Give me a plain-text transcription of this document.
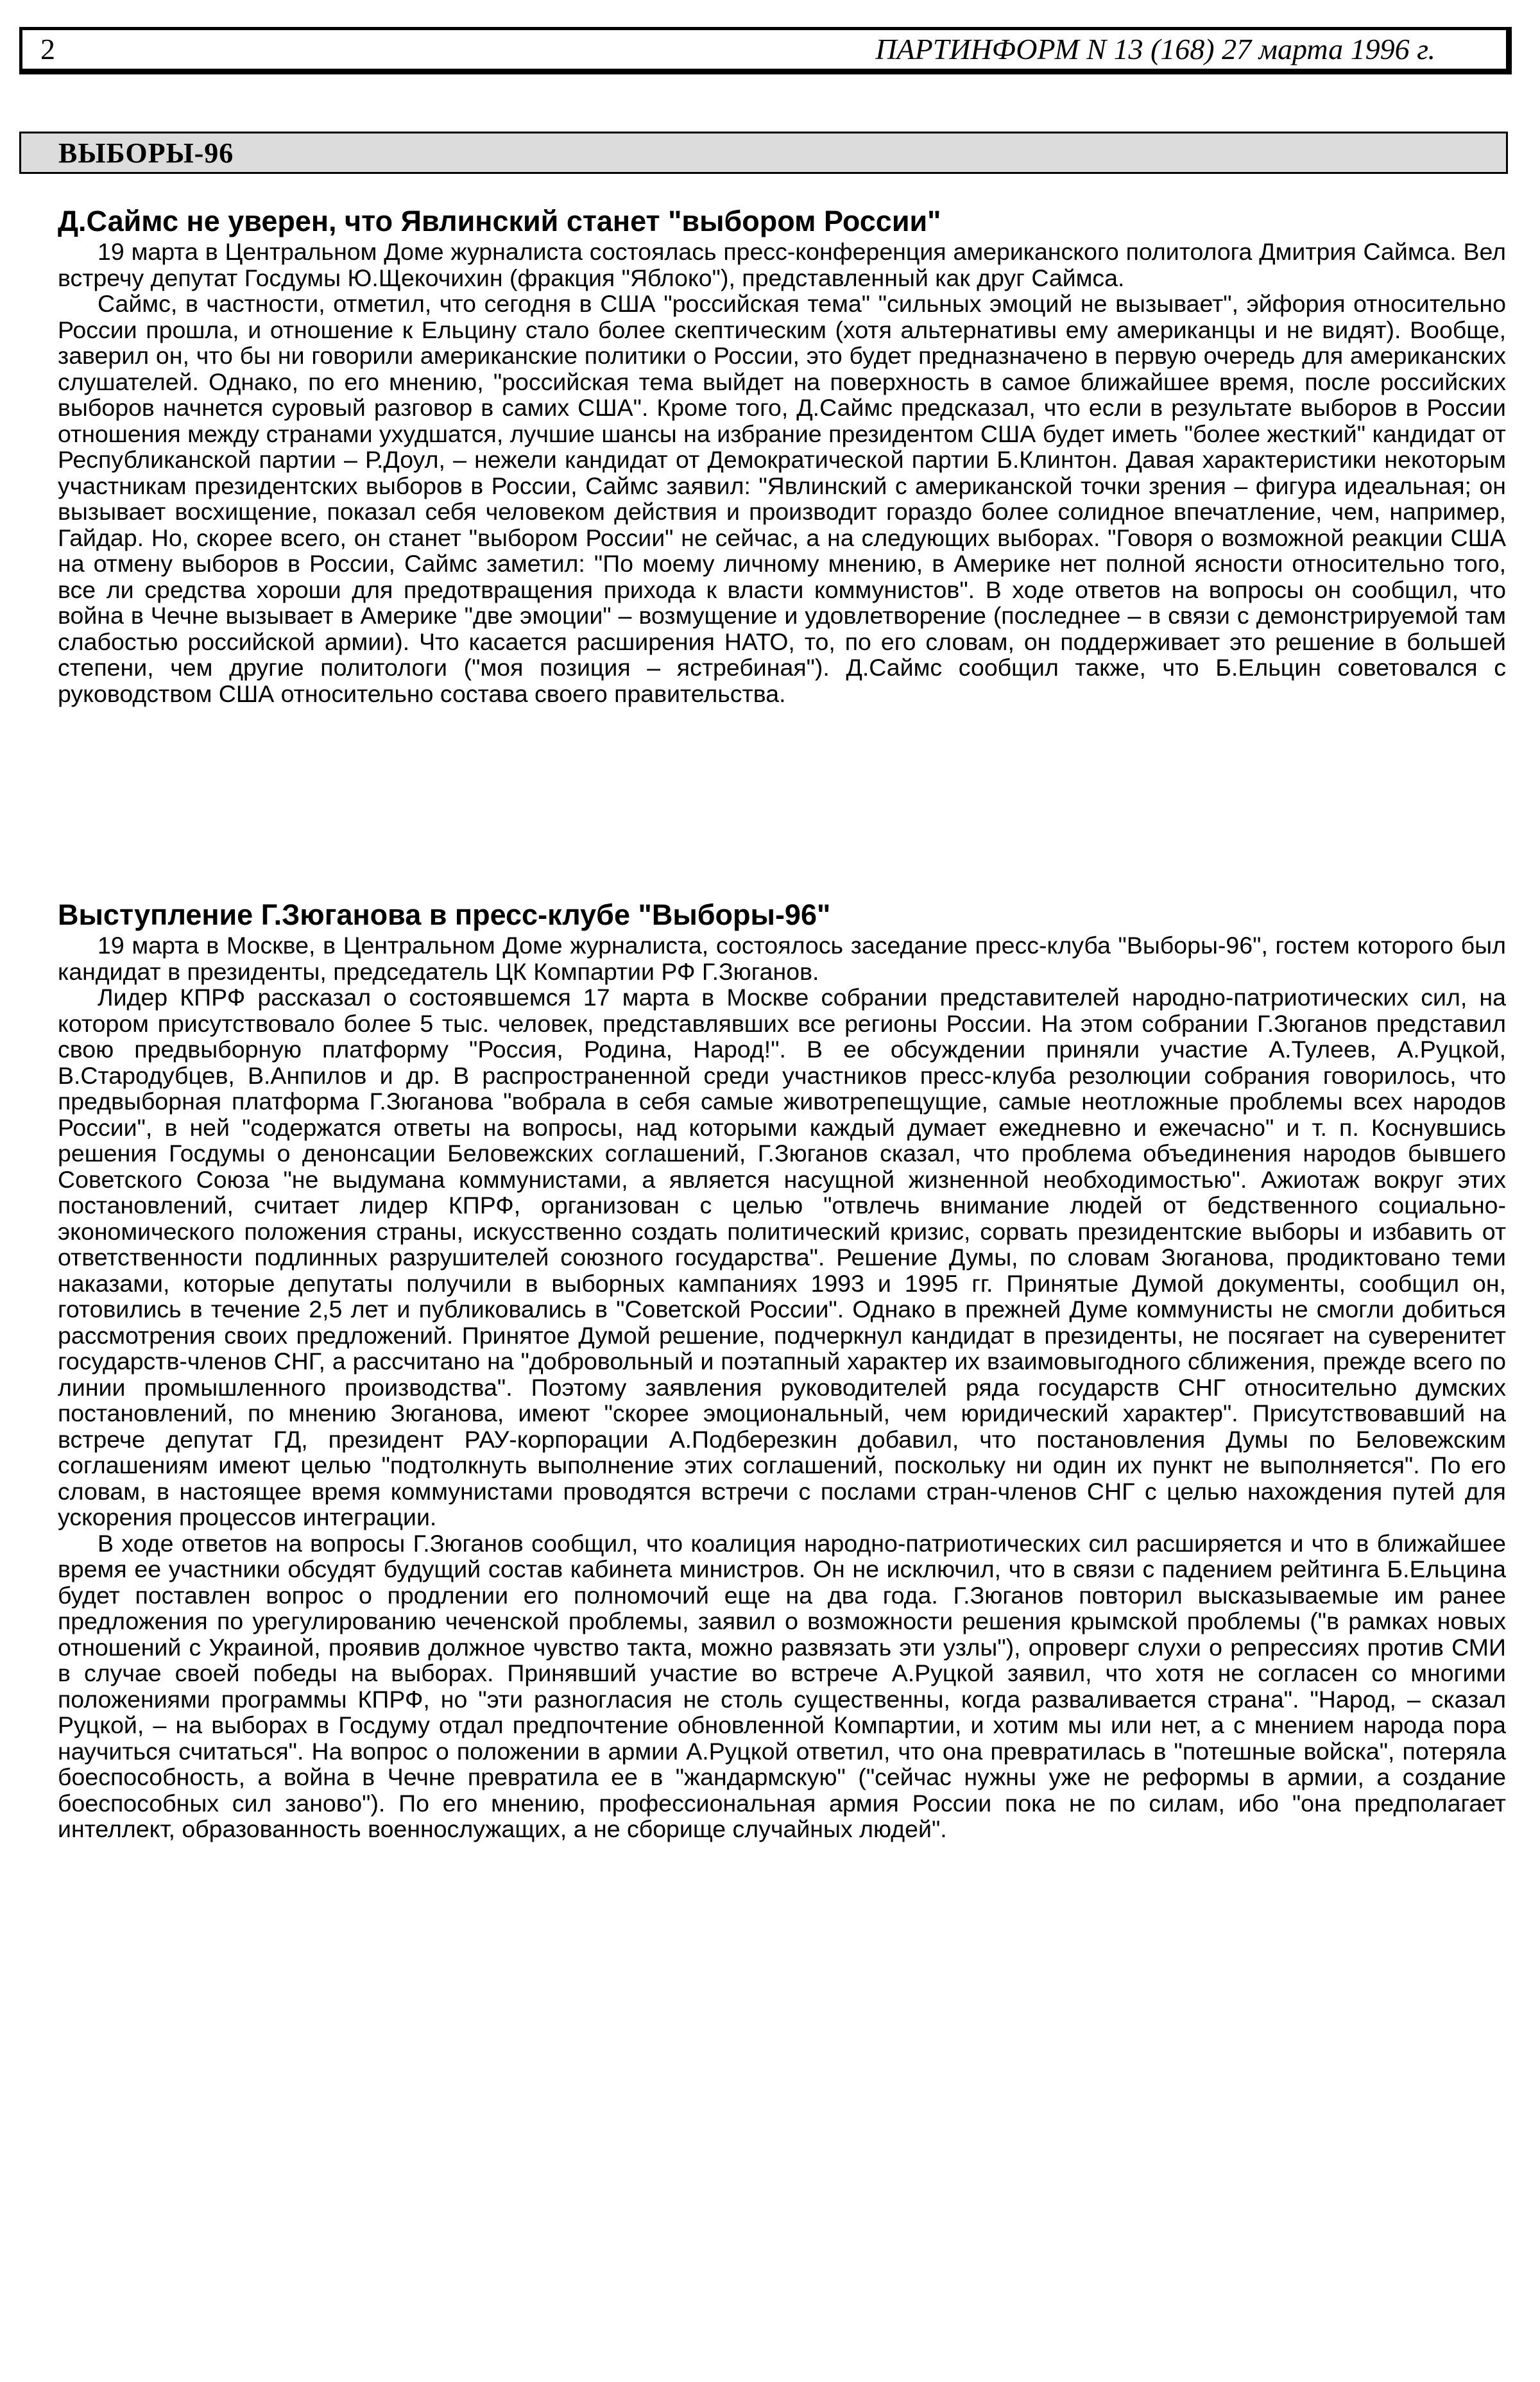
2	ПАРТИНФОРМ N 13 (168) 27 марта 1996 г.
ВЫБОРЫ-96
Д.Саймс не уверен, что Явлинский станет "выбором России"

19 марта в Центральном Доме журналиста состоялась пресс-конференция американского политолога Дмитрия Саймса. Вел встречу депутат Госдумы Ю.Щекочихин (фракция "Яблоко"), представленный как друг Саймса.

Саймс, в частности, отметил, что сегодня в США "российская тема" "сильных эмоций не вызывает", эйфория относительно России прошла, и отношение к Ельцину стало более скептическим (хотя альтернативы ему американцы и не видят). Вообще, заверил он, что бы ни говорили американские политики о России, это будет предназначено в первую очередь для американских слушателей. Однако, по его мнению, "российская тема выйдет на поверхность в самое ближайшее время, после российских выборов начнется суровый разговор в самих США". Кроме того, Д.Саймс предсказал, что если в результате выборов в России отношения между странами ухудшатся, лучшие шансы на избрание президентом США будет иметь "более жесткий" кандидат от Республиканской партии – Р.Доул, – нежели кандидат от Демократической партии Б.Клинтон. Давая характеристики некоторым участникам президентских выборов в России, Саймс заявил: "Явлинский с американской точки зрения – фигура идеальная; он вызывает восхищение, показал себя человеком действия и производит гораздо более солидное впечатление, чем, например, Гайдар. Но, скорее всего, он станет "выбором России" не сейчас, а на следующих выборах. "Говоря о возможной реакции США на отмену выборов в России, Саймс заметил: "По моему личному мнению, в Америке нет полной ясности относительно того, все ли средства хороши для предотвращения прихода к власти коммунистов". В ходе ответов на вопросы он сообщил, что война в Чечне вызывает в Америке "две эмоции" – возмущение и удовлетворение (последнее – в связи с демонстрируемой там слабостью российской армии). Что касается расширения НАТО, то, по его словам, он поддерживает это решение в большей степени, чем другие политологи ("моя позиция – ястребиная"). Д.Саймс сообщил также, что Б.Ельцин советовался с руководством США относительно состава своего правительства.

Выступление Г.Зюганова в пресс-клубе "Выборы-96"

19 марта в Москве, в Центральном Доме журналиста, состоялось заседание пресс-клуба "Выборы-96", гостем которого был кандидат в президенты, председатель ЦК Компартии РФ Г.Зюганов.

Лидер КПРФ рассказал о состоявшемся 17 марта в Москве собрании представителей народно-патриотических сил, на котором присутствовало более 5 тыс. человек, представлявших все регионы России. На этом собрании Г.Зюганов представил свою предвыборную платформу "Россия, Родина, Народ!". В ее обсуждении приняли участие А.Тулеев, А.Руцкой, В.Стародубцев, В.Анпилов и др. В распространенной среди участников пресс-клуба резолюции собрания говорилось, что предвыборная платформа Г.Зюганова "вобрала в себя самые животрепещущие, самые неотложные проблемы всех народов России", в ней "содержатся ответы на вопросы, над которыми каждый думает ежедневно и ежечасно" и т. п. Коснувшись решения Госдумы о денонсации Беловежских соглашений, Г.Зюганов сказал, что проблема объединения народов бывшего Советского Союза "не выдумана коммунистами, а является насущной жизненной необходимостью". Ажиотаж вокруг этих постановлений, считает лидер КПРФ, организован с целью "отвлечь внимание людей от бедственного социально-экономического положения страны, искусственно создать политический кризис, сорвать президентские выборы и избавить от ответственности подлинных разрушителей союзного государства". Решение Думы, по словам Зюганова, продиктовано теми наказами, которые депутаты получили в выборных кампаниях 1993 и 1995 гг. Принятые Думой документы, сообщил он, готовились в течение 2,5 лет и публиковались в "Советской России". Однако в прежней Думе коммунисты не смогли добиться рассмотрения своих предложений. Принятое Думой решение, подчеркнул кандидат в президенты, не посягает на суверенитет государств-членов СНГ, а рассчитано на "добровольный и поэтапный характер их взаимовыгодного сближения, прежде всего по линии промышленного производства". Поэтому заявления руководителей ряда государств СНГ относительно думских постановлений, по мнению Зюганова, имеют "скорее эмоциональный, чем юридический характер". Присутствовавший на встрече депутат ГД, президент РАУ-корпорации А.Подберезкин добавил, что постановления Думы по Беловежским соглашениям имеют целью "подтолкнуть выполнение этих соглашений, поскольку ни один их пункт не выполняется". По его словам, в настоящее время коммунистами проводятся встречи с послами стран-членов СНГ с целью нахождения путей для ускорения процессов интеграции.

В ходе ответов на вопросы Г.Зюганов сообщил, что коалиция народно-патриотических сил расширяется и что в ближайшее время ее участники обсудят будущий состав кабинета министров. Он не исключил, что в связи с падением рейтинга Б.Ельцина будет поставлен вопрос о продлении его полномочий еще на два года. Г.Зюганов повторил высказываемые им ранее предложения по урегулированию чеченской проблемы, заявил о возможности решения крымской проблемы ("в рамках новых отношений с Украиной, проявив должное чувство такта, можно развязать эти узлы"), опроверг слухи о репрессиях против СМИ в случае своей победы на выборах. Принявший участие во встрече А.Руцкой заявил, что хотя не согласен со многими положениями программы КПРФ, но "эти разногласия не столь существенны, когда разваливается страна". "Народ, – сказал Руцкой, – на выборах в Госдуму отдал предпочтение обновленной Компартии, и хотим мы или нет, а с мнением народа пора научиться считаться". На вопрос о положении в армии А.Руцкой ответил, что она превратилась в "потешные войска", потеряла боеспособность, а война в Чечне превратила ее в "жандармскую" ("сейчас нужны уже не реформы в армии, а создание боеспособных сил заново"). По его мнению, профессиональная армия России пока не по силам, ибо "она предполагает интеллект, образованность военнослужащих, а не сборище случайных людей".
